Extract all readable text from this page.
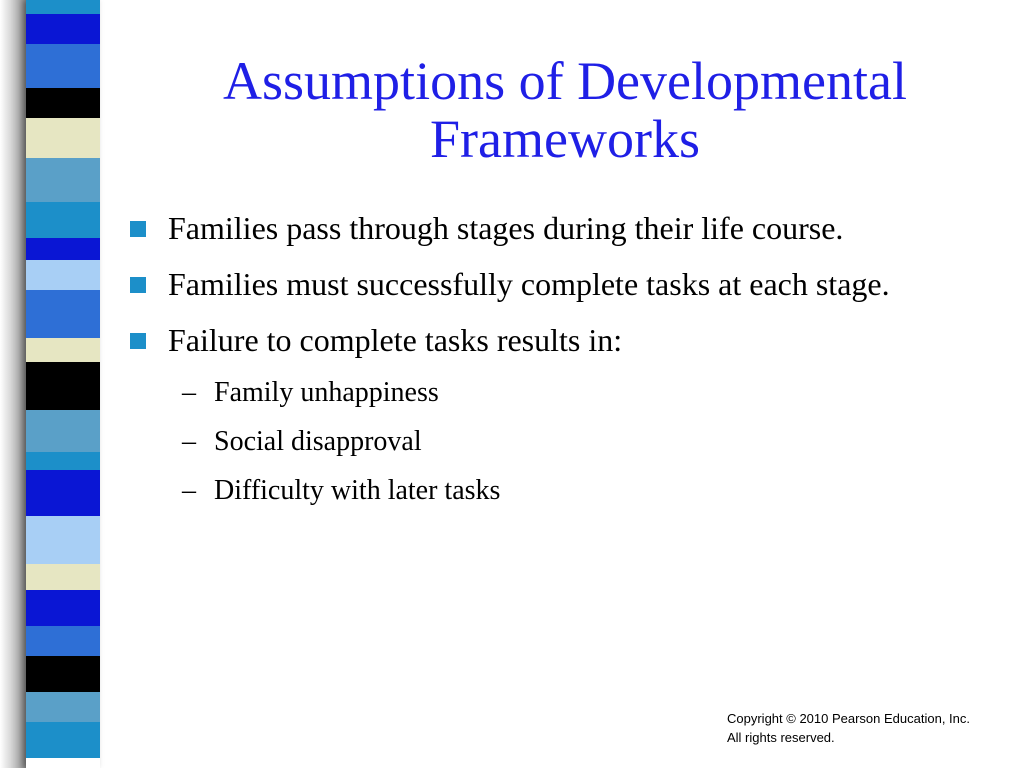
Assumptions of Developmental Frameworks
Families pass through stages during their life course.
Families must successfully complete tasks at each stage.
Failure to complete tasks results in:
– Family unhappiness
– Social disapproval
– Difficulty with later tasks
Copyright © 2010 Pearson Education, Inc.
All rights reserved.
